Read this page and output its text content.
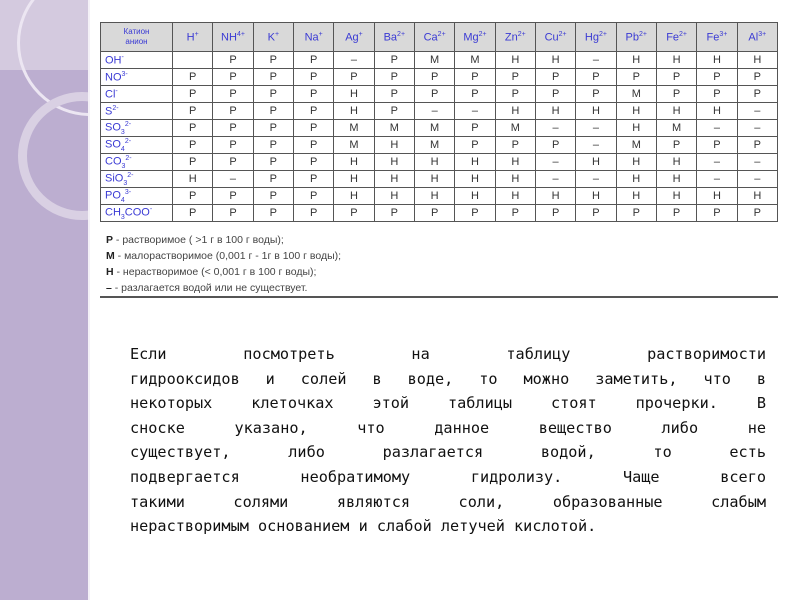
Катион
анион	H+	$NH^{4+}$	K+	Na+	Ag+	$Ba^{2+}$	$Ca^{2+}$	$Mg^{2+}$	$Zn^{2+}$	$Cu^{2+}$	$Hg^{2+}$	$Pb^{2+}$	$Fe^{2+}$	$Fe^{3+}$	$Al^{3+}$
OH-		Р	Р	Р	–	Р	М	М	Н	Н	–	Н	Н	Н	Н
$NO^{3-}$	Р	Р	Р	Р	Р	Р	Р	Р	Р	Р	Р	Р	Р	Р	Р
Cl-	Р	Р	Р	Р	Н	Р	Р	Р	Р	Р	Р	М	Р	Р	Р
$S^{2-}$	Р	Р	Р	Р	Н	Р	–	–	Н	Н	Н	Н	Н	Н	–
$SO_3^{2-}$	Р	Р	Р	Р	М	М	М	Р	М	–	–	Н	М	–	–
$SO_4^{2-}$	Р	Р	Р	Р	М	Н	М	Р	Р	Р	–	М	Р	Р	Р
$CO_3^{2-}$	Р	Р	Р	Р	Н	Н	Н	Н	Н	–	Н	Н	Н	–	–
SiO$_3^{2-}$	Н	–	Р	Р	Н	Н	Н	Н	Н	–	–	Н	Н	–	–
$PO_4^{3-}$	Р	Р	Р	Р	Н	Н	Н	Н	Н	Н	Н	Н	Н	Н	Н
$CH_3COO^-$	Р	Р	Р	Р	Р	Р	Р	Р	Р	Р	Р	Р	Р	Р	Р
Р - растворимое ( >1 г в 100 г воды);
М - малорастворимое (0,001 г - 1г в 100 г воды);
Н - нерастворимое (< 0,001 г в 100 г воды);
– - разлагается водой или не существует.
Если посмотреть на таблицу растворимости
гидрооксидов и солей в воде, то можно заметить, что в
некоторых клеточках этой таблицы стоят прочерки. В
сноске указано, что данное вещество либо не
существует, либо разлагается водой, то есть
подвергается необратимому гидролизу. Чаще всего
такими солями являются соли, образованные слабым
нерастворимым основанием и слабой летучей кислотой.
